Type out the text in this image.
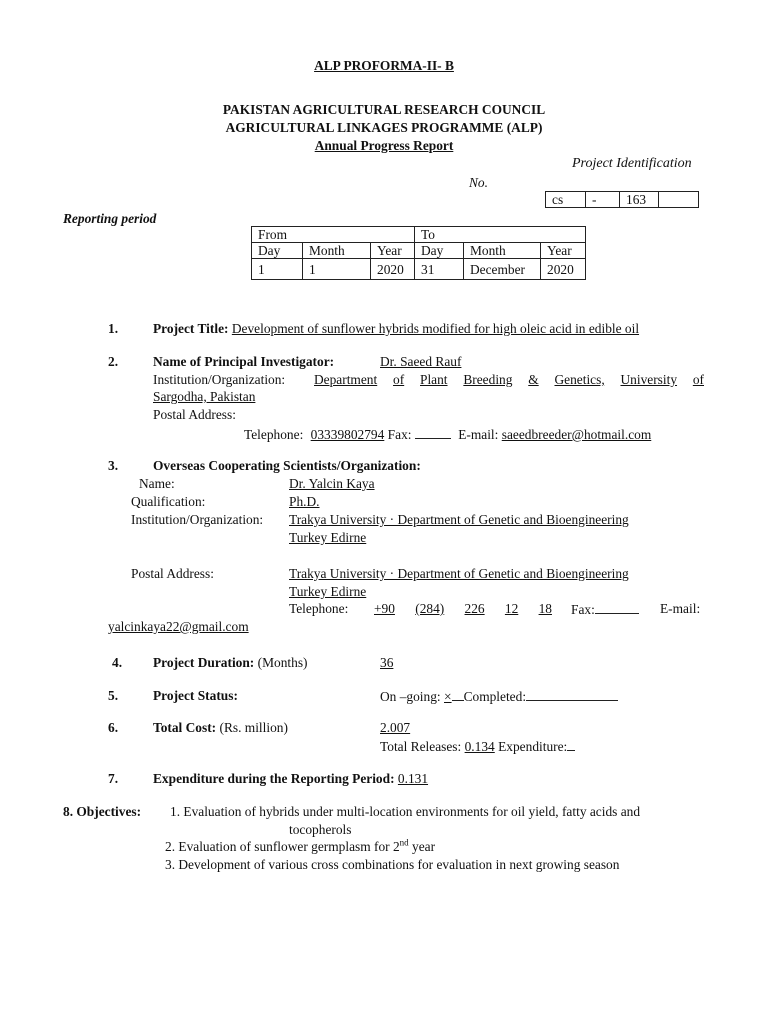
ALP PROFORMA-II- B
PAKISTAN AGRICULTURAL RESEARCH COUNCIL
AGRICULTURAL LINKAGES PROGRAMME (ALP)
Annual Progress Report
Project Identification
No.
cs	-	163	
Reporting period
From			To		
Day	Month	Year	Day	Month	Year
1	1	2020	31	December	2020
1.	Project Title: Development of sunflower hybrids modified for high oleic acid in edible oil
2.	Name of Principal Investigator:	Dr. Saeed Rauf
Institution/Organization: Department of Plant Breeding & Genetics, University of
Sargodha, Pakistan
Postal Address:
Telephone: 03339802794 Fax:	E-mail: saeedbreeder@hotmail.com
3.	Overseas Cooperating Scientists/Organization:
Name:	Dr. Yalcin Kaya
Qualification:	Ph.D.
Institution/Organization: Trakya University · Department of Genetic and Bioengineering
Turkey Edirne
Postal Address:	Trakya University · Department of Genetic and Bioengineering
Turkey Edirne
Telephone: +90 (284) 226 12 18 Fax:	E-mail:
yalcinkaya22@gmail.com
4. Project Duration: (Months)	36
5.	Project Status:	On –going: × Completed:
6.	Total Cost: (Rs. million)	2.007
Total Releases: 0.134 Expenditure:
7.	Expenditure during the Reporting Period: 0.131
8. Objectives: 1. Evaluation of hybrids under multi-location environments for oil yield, fatty acids and
tocopherols
2. Evaluation of sunflower germplasm for 2nd year
3. Development of various cross combinations for evaluation in next growing season
